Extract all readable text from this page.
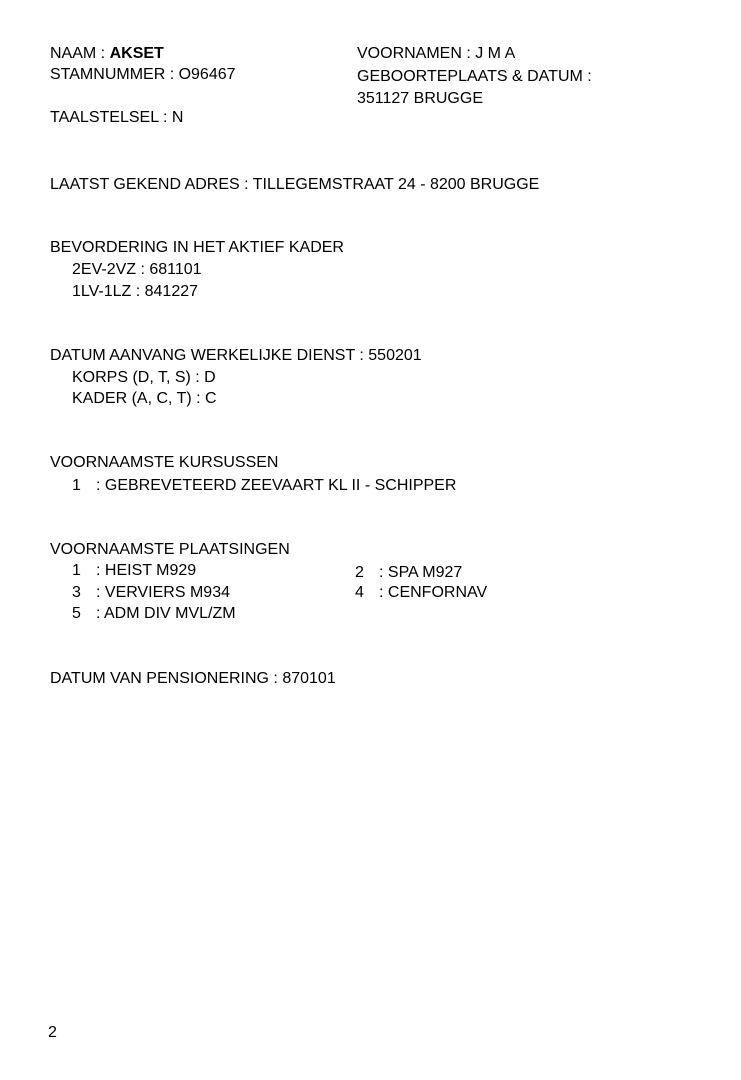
NAAM : AKSET
STAMNUMMER : O96467
TAALSTELSEL : N
VOORNAMEN : J M A
GEBOORTEPLAATS & DATUM :
351127 BRUGGE
LAATST GEKEND ADRES : TILLEGEMSTRAAT 24 - 8200 BRUGGE
BEVORDERING IN HET AKTIEF KADER
2EV-2VZ : 681101
1LV-1LZ : 841227
DATUM AANVANG WERKELIJKE DIENST : 550201
KORPS (D, T, S) : D
KADER (A, C, T) : C
VOORNAAMSTE KURSUSSEN
1 : GEBREVETEERD ZEEVAART KL II - SCHIPPER
VOORNAAMSTE PLAATSINGEN
1 : HEIST M929
3 : VERVIERS M934
5 : ADM DIV MVL/ZM
2 : SPA M927
4 : CENFORNAV
DATUM VAN PENSIONERING : 870101
2
